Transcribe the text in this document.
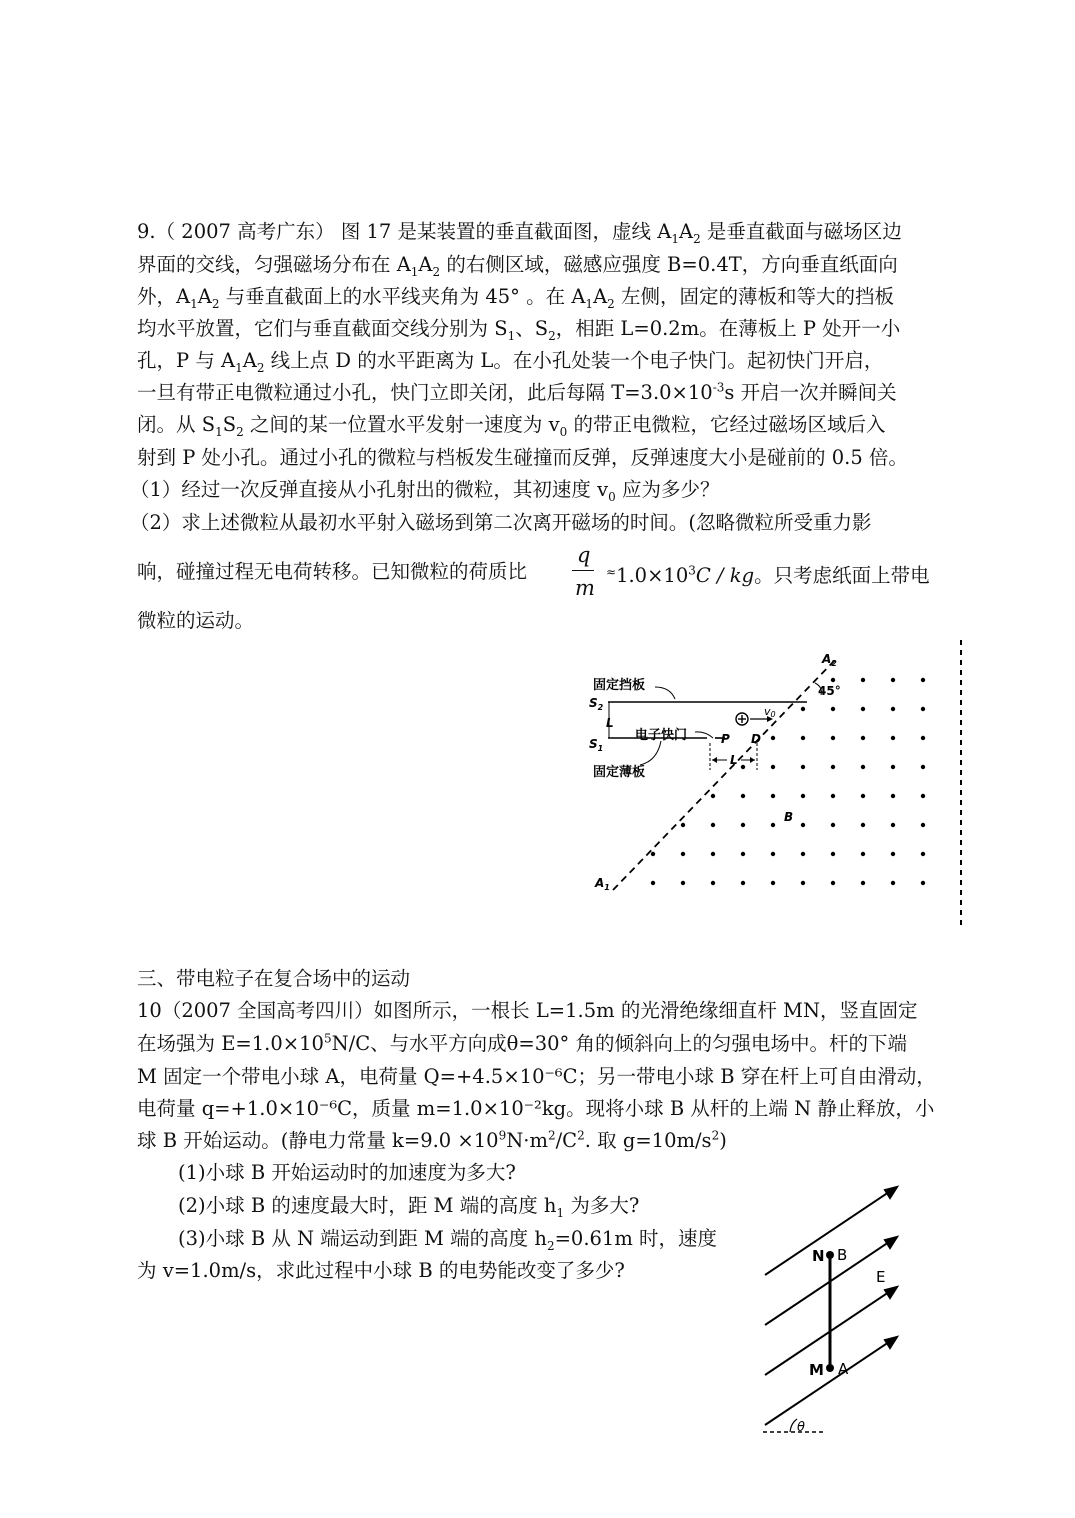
9.（ 2007 高考广东） 图 17 是某装置的垂直截面图，虚线 $A_1A_2$ 是垂直截面与磁场区边
界面的交线，匀强磁场分布在 $A_1A_2$ 的右侧区域，磁感应强度 B=0.4T，方向垂直纸面向
外，$A_1A_2$ 与垂直截面上的水平线夹角为 45° 。在 $A_1A_2$ 左侧，固定的薄板和等大的挡板
均水平放置，它们与垂直截面交线分别为 $S_1$、$S_2$，相距 L=0.2m。在薄板上 P 处开一小
孔，P 与 $A_1A_2$ 线上点 D 的水平距离为 L。在小孔处装一个电子快门。起初快门开启，
一旦有带正电微粒通过小孔，快门立即关闭，此后每隔 $T=3.0\times 10^{-3}s$ 开启一次并瞬间关
闭。从 $S_1S_2$ 之间的某一位置水平发射一速度为 $v_0$ 的带正电微粒，它经过磁场区域后入
射到 P 处小孔。通过小孔的微粒与档板发生碰撞而反弹，反弹速度大小是碰前的 0.5 倍。
（1）经过一次反弹直接从小孔射出的微粒，其初速度 $v_0$ 应为多少？
（2）求上述微粒从最初水平射入磁场到第二次离开磁场的时间。(忽略微粒所受重力影
响，碰撞过程无电荷转移。已知微粒的荷质比
q
m
$^\approx 1.0\times 10^3C$ / kg。只考虑纸面上带电
微粒的运动。
固定挡板
$S_2$
L
$S_1$
电子快门
固定薄板
P D
L
v0
B
$A_1$
$A_2$
45°
三、带电粒子在复合场中的运动
10（2007 全国高考四川）如图所示，一根长 L=1.5m 的光滑绝缘细直杆 MN，竖直固定
在场强为 $E=1.0\times 10^5N/C$、与水平方向成θ=30° 角的倾斜向上的匀强电场中。杆的下端
M 固定一个带电小球 A，电荷量 Q=+4.5×10⁻⁶C；另一带电小球 B 穿在杆上可自由滑动，
电荷量 q=+1.0×10⁻⁶C，质量 m=1.0×10⁻²kg。现将小球 B 从杆的上端 N 静止释放，小
球 B 开始运动。(静电力常量 $k=9.0 \times 10^9N\cdot m^2/C^2$. 取 $g=10m/s^2$)
(1)小球 B 开始运动时的加速度为多大?
(2)小球 B 的速度最大时，距 M 端的高度 $h_1$ 为多大?
(3)小球 B 从 N 端运动到距 M 端的高度 $h_2=0.61m$ 时，速度
为 v=1.0m/s，求此过程中小球 B 的电势能改变了多少?
N B
E
M A
θ
